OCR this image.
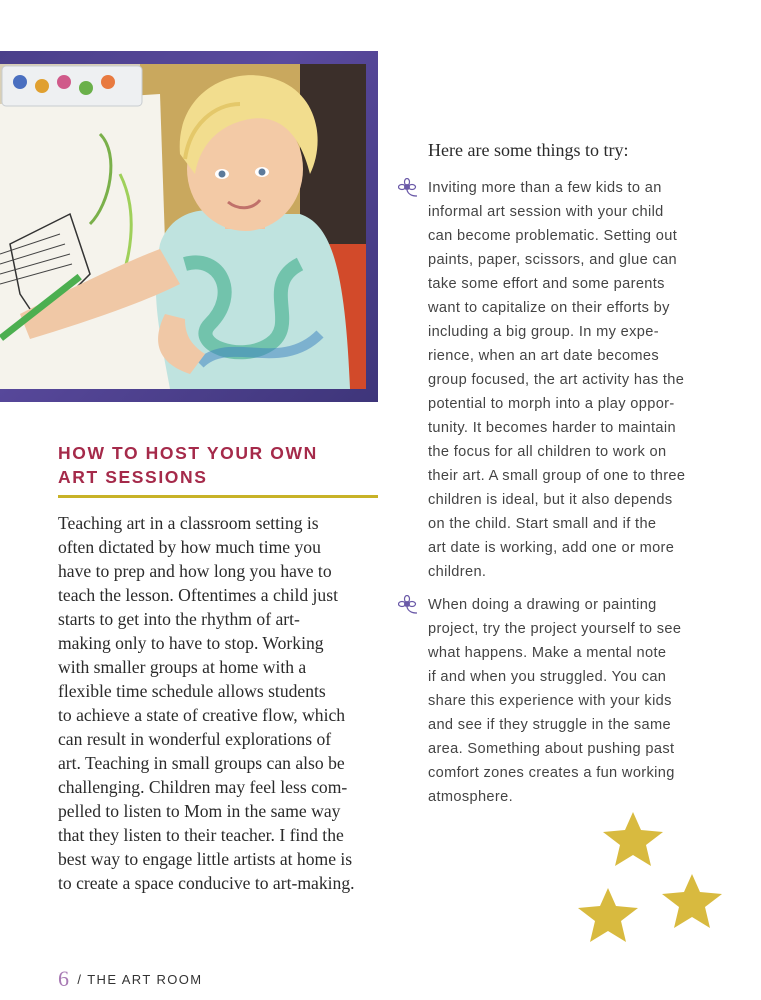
HOW TO HOST YOUR OWN
ART SESSIONS
Teaching art in a classroom setting is
often dictated by how much time you
have to prep and how long you have to
teach the lesson. Oftentimes a child just
starts to get into the rhythm of art-
making only to have to stop. Working
with smaller groups at home with a
flexible time schedule allows students
to achieve a state of creative flow, which
can result in wonderful explorations of
art. Teaching in small groups can also be
challenging. Children may feel less com-
pelled to listen to Mom in the same way
that they listen to their teacher. I find the
best way to engage little artists at home is
to create a space conducive to art-making.
Here are some things to try:
Inviting more than a few kids to an
informal art session with your child
can become problematic. Setting out
paints, paper, scissors, and glue can
take some effort and some parents
want to capitalize on their efforts by
including a big group. In my expe-
rience, when an art date becomes
group focused, the art activity has the
potential to morph into a play oppor-
tunity. It becomes harder to maintain
the focus for all children to work on
their art. A small group of one to three
children is ideal, but it also depends
on the child. Start small and if the
art date is working, add one or more
children.
When doing a drawing or painting
project, try the project yourself to see
what happens. Make a mental note
if and when you struggled. You can
share this experience with your kids
and see if they struggle in the same
area. Something about pushing past
comfort zones creates a fun working
atmosphere.
6 / THE ART ROOM
